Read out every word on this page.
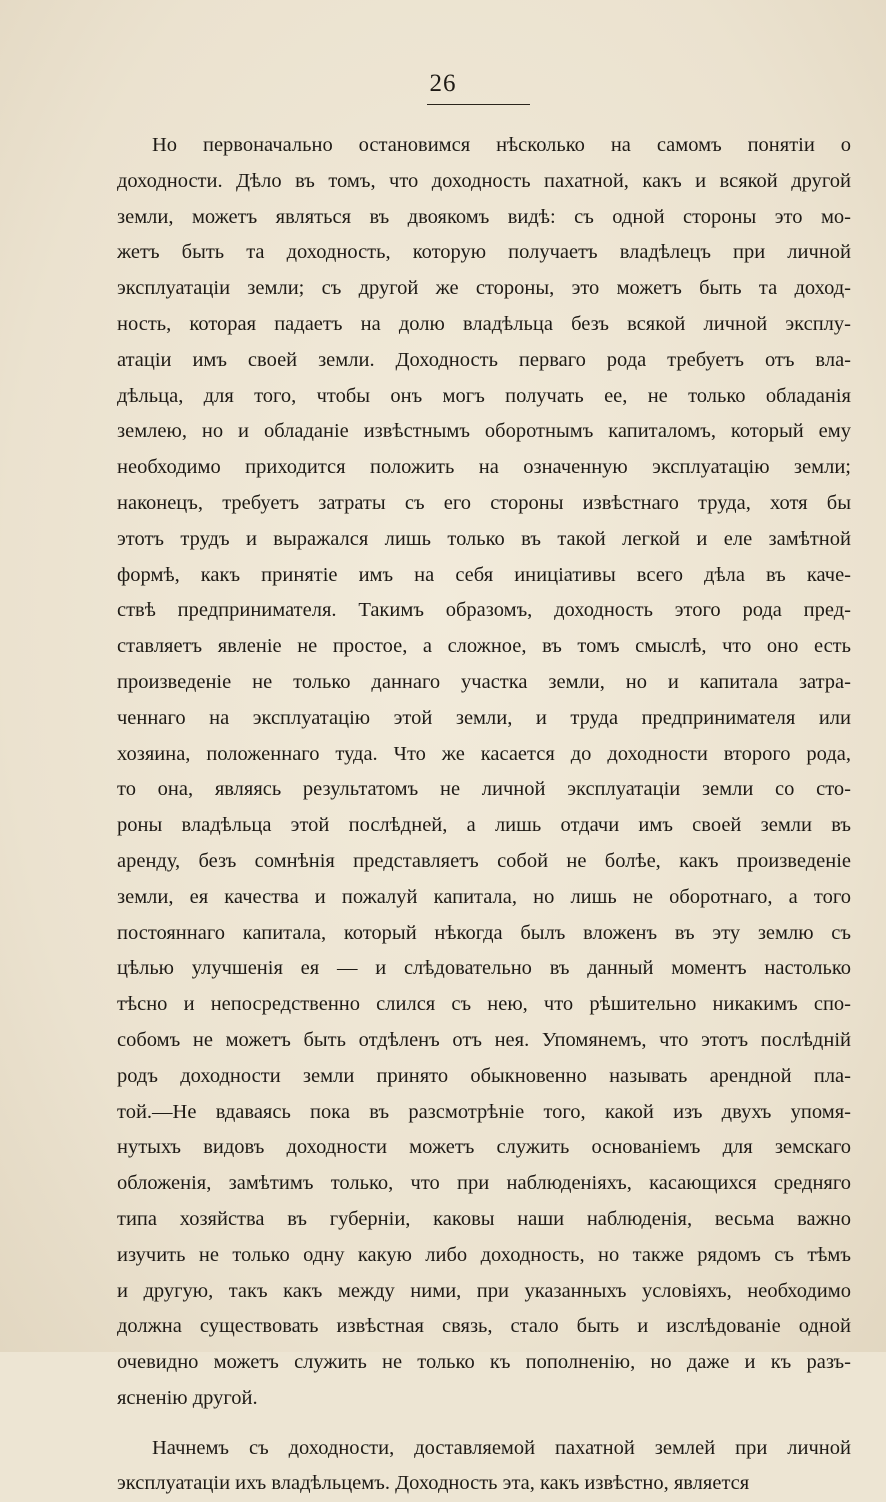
26
Но первоначально остановимся нѣсколько на самомъ понятіи о
доходности. Дѣло въ томъ, что доходность пахатной, какъ и всякой другой
земли, можетъ являться въ двоякомъ видѣ: съ одной стороны это мо-
жетъ быть та доходность, которую получаетъ владѣлецъ при личной
эксплуатаціи земли; съ другой же стороны, это можетъ быть та доход-
ность, которая падаетъ на долю владѣльца безъ всякой личной эксплу-
атаціи имъ своей земли. Доходность перваго рода требуетъ отъ вла-
дѣльца, для того, чтобы онъ могъ получать ее, не только обладанія
землею, но и обладаніе извѣстнымъ оборотнымъ капиталомъ, который ему
необходимо приходится положить на означенную эксплуатацію земли;
наконецъ, требуетъ затраты съ его стороны извѣстнаго труда, хотя бы
этотъ трудъ и выражался лишь только въ такой легкой и еле замѣтной
формѣ, какъ принятіе имъ на себя иниціативы всего дѣла въ каче-
ствѣ предпринимателя. Такимъ образомъ, доходность этого рода пред-
ставляетъ явленіе не простое, а сложное, въ томъ смыслѣ, что оно есть
произведеніе не только даннаго участка земли, но и капитала затра-
ченнаго на эксплуатацію этой земли, и труда предпринимателя или
хозяина, положеннаго туда. Что же касается до доходности второго рода,
то она, являясь результатомъ не личной эксплуатаціи земли со сто-
роны владѣльца этой послѣдней, а лишь отдачи имъ своей земли въ
аренду, безъ сомнѣнія представляетъ собой не болѣе, какъ произведеніе
земли, ея качества и пожалуй капитала, но лишь не оборотнаго, а того
постояннаго капитала, который нѣкогда былъ вложенъ въ эту землю съ
цѣлью улучшенія ея — и слѣдовательно въ данный моментъ настолько
тѣсно и непосредственно слился съ нею, что рѣшительно никакимъ спо-
собомъ не можетъ быть отдѣленъ отъ нея. Упомянемъ, что этотъ послѣдній
родъ доходности земли принято обыкновенно называть арендной пла-
той.—Не вдаваясь пока въ разсмотрѣніе того, какой изъ двухъ упомя-
нутыхъ видовъ доходности можетъ служить основаніемъ для земскаго
обложенія, замѣтимъ только, что при наблюденіяхъ, касающихся средняго
типа хозяйства въ губерніи, каковы наши наблюденія, весьма важно
изучить не только одну какую либо доходность, но также рядомъ съ тѣмъ
и другую, такъ какъ между ними, при указанныхъ условіяхъ, необходимо
должна существовать извѣстная связь, стало быть и изслѣдованіе одной
очевидно можетъ служить не только къ пополненію, но даже и къ разъ-
ясненію другой.
Начнемъ съ доходности, доставляемой пахатной землей при личной
эксплуатаціи ихъ владѣльцемъ. Доходность эта, какъ извѣстно, является
